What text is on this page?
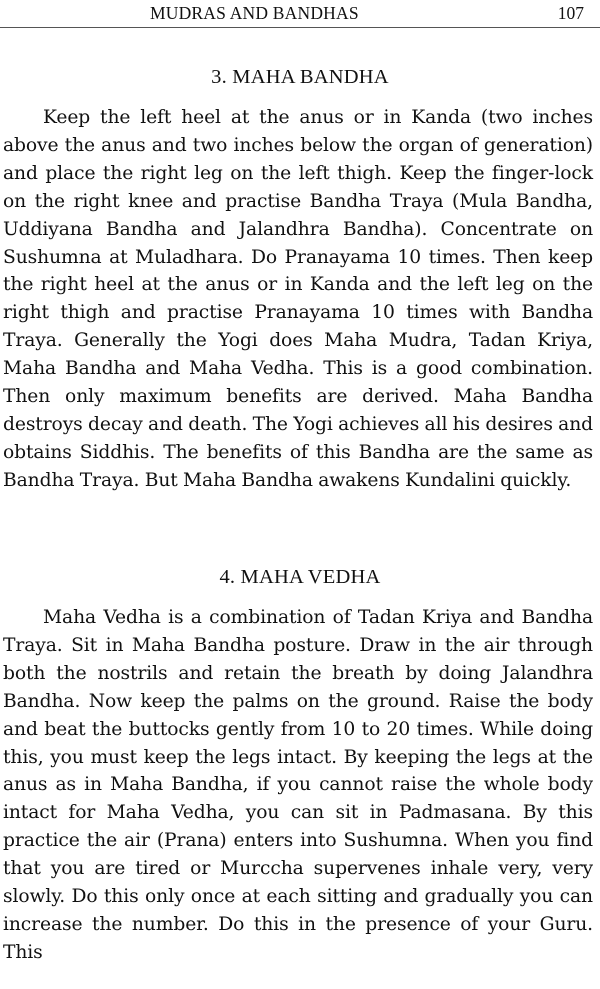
MUDRAS AND BANDHAS	107
3. MAHA BANDHA

Keep the left heel at the anus or in Kanda (two inches above the anus and two inches below the organ of generation) and place the right leg on the left thigh. Keep the finger-lock on the right knee and practise Bandha Traya (Mula Bandha, Uddiyana Bandha and Jalandhra Bandha). Concentrate on Sushumna at Muladhara. Do Pranayama 10 times. Then keep the right heel at the anus or in Kanda and the left leg on the right thigh and practise Pranayama 10 times with Bandha Traya. Generally the Yogi does Maha Mudra, Tadan Kriya, Maha Bandha and Maha Vedha. This is a good combination. Then only maximum benefits are derived. Maha Bandha destroys decay and death. The Yogi achieves all his desires and obtains Siddhis. The benefits of this Bandha are the same as Bandha Traya. But Maha Bandha awakens Kundalini quickly.

4. MAHA VEDHA

Maha Vedha is a combination of Tadan Kriya and Bandha Traya. Sit in Maha Bandha posture. Draw in the air through both the nostrils and retain the breath by doing Jalandhra Bandha. Now keep the palms on the ground. Raise the body and beat the buttocks gently from 10 to 20 times. While doing this, you must keep the legs intact. By keeping the legs at the anus as in Maha Bandha, if you cannot raise the whole body intact for Maha Vedha, you can sit in Padmasana. By this practice the air (Prana) enters into Sushumna. When you find that you are tired or Murccha supervenes inhale very, very slowly. Do this only once at each sitting and gradually you can increase the number. Do this in the presence of your Guru. This
